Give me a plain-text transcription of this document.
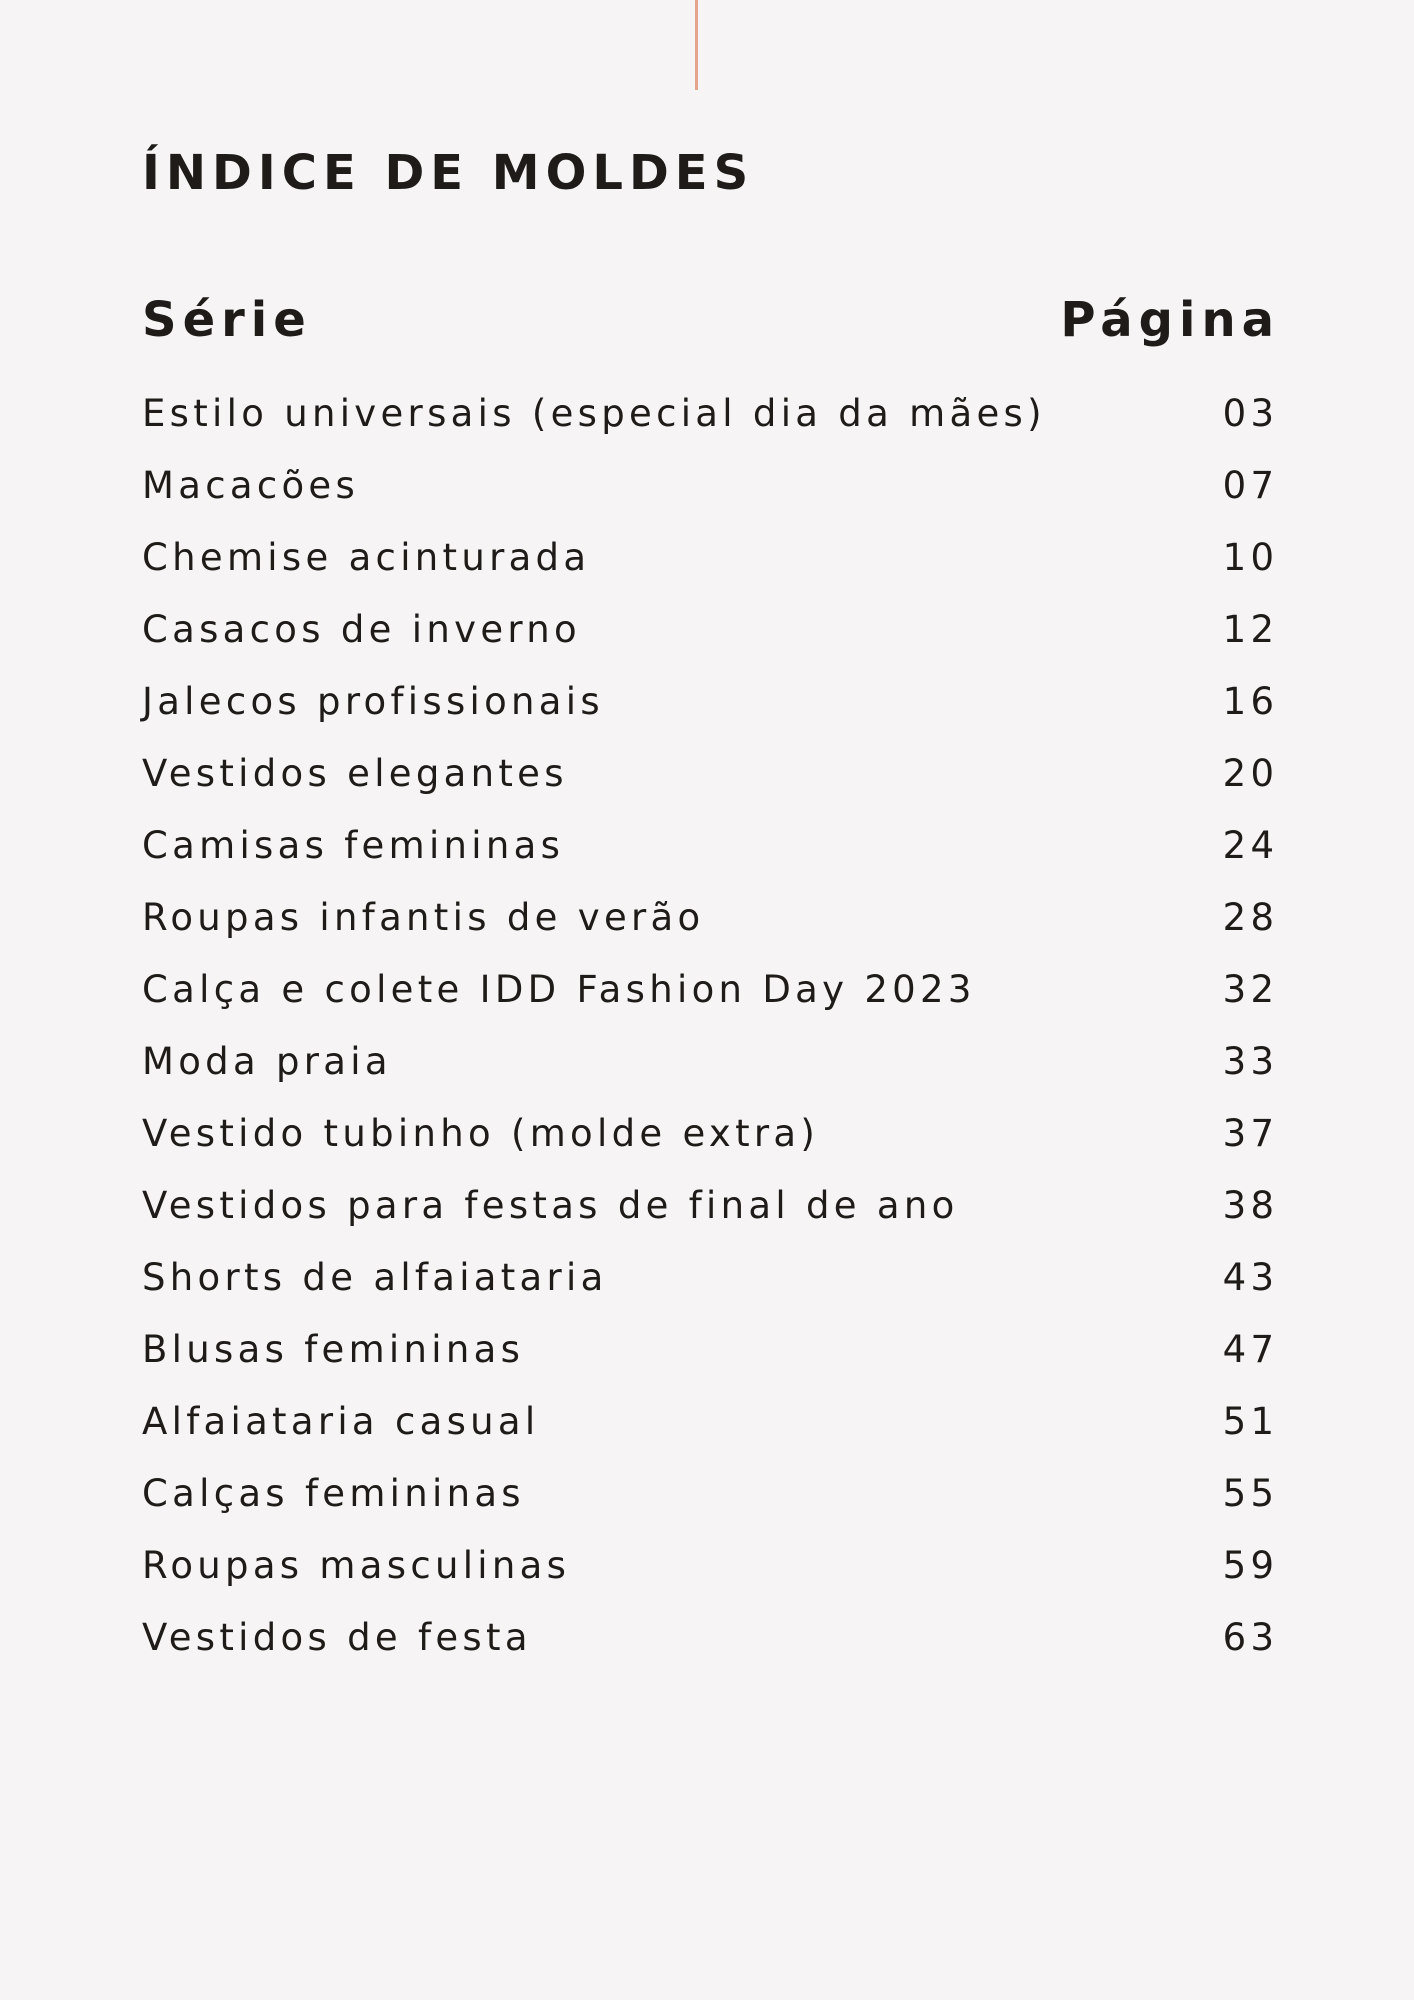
ÍNDICE DE MOLDES
Série	Página
Estilo universais (especial dia da mães)	03
Macacões	07
Chemise acinturada	10
Casacos de inverno	12
Jalecos profissionais	16
Vestidos elegantes	20
Camisas femininas	24
Roupas infantis de verão	28
Calça e colete IDD Fashion Day 2023	32
Moda praia	33
Vestido tubinho (molde extra)	37
Vestidos para festas de final de ano	38
Shorts de alfaiataria	43
Blusas femininas	47
Alfaiataria casual	51
Calças femininas	55
Roupas masculinas	59
Vestidos de festa	63
